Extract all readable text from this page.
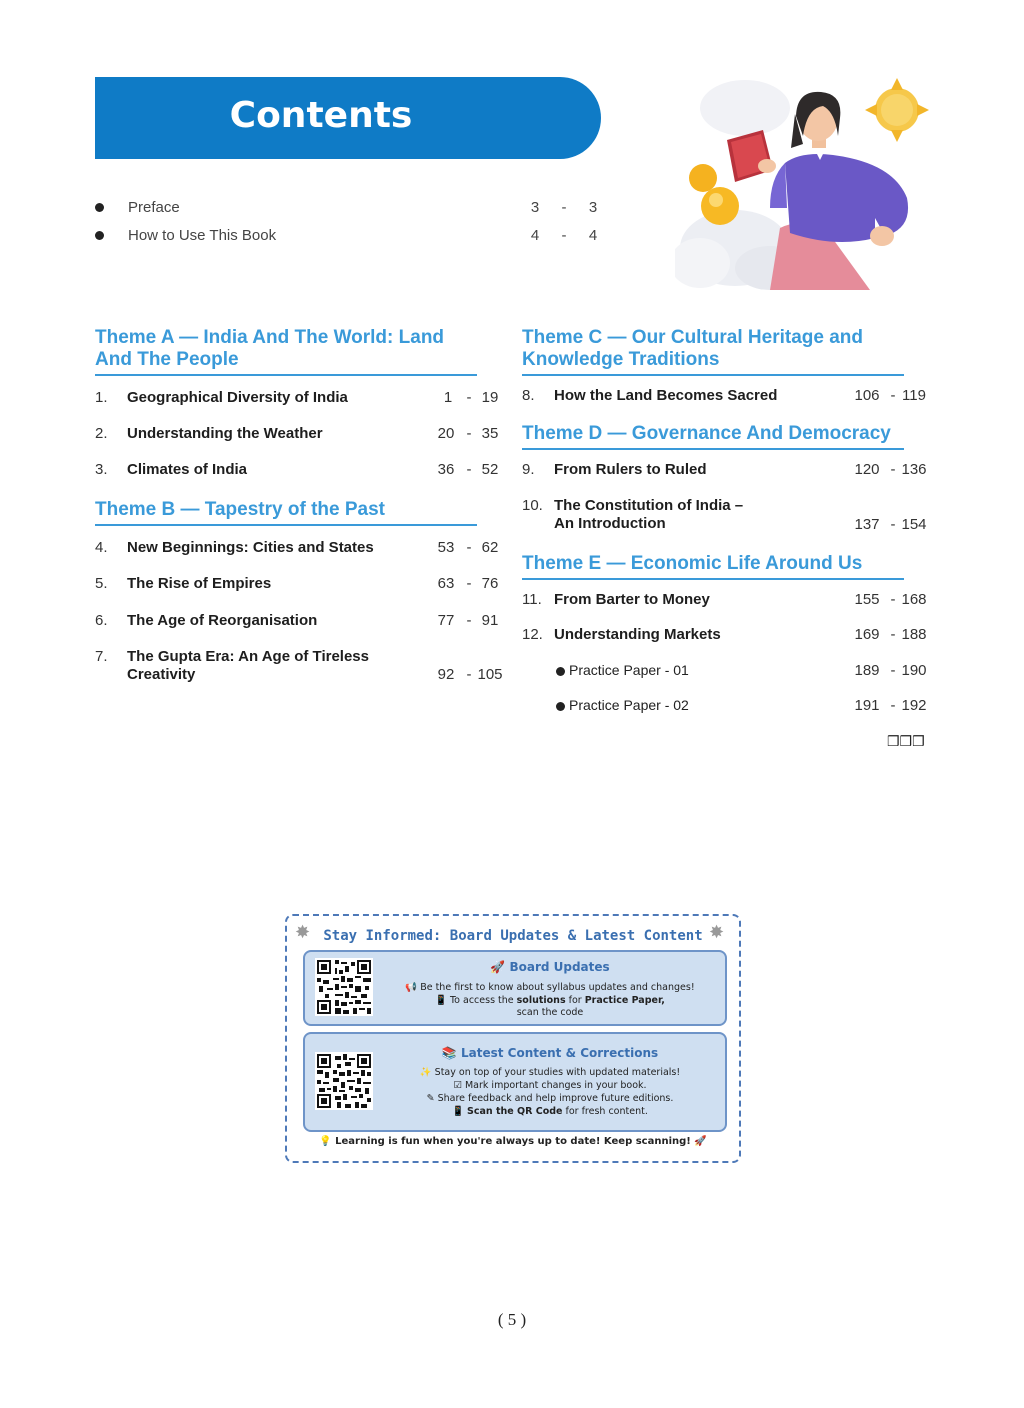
Contents
Preface	3	-	3
How to Use This Book	4	-	4
Theme A — India And The World: Land And The People
1. Geographical Diversity of India	1 - 19
2. Understanding the Weather	20 - 35
3. Climates of India	36 - 52
Theme B — Tapestry of the Past
4. New Beginnings: Cities and States	53 - 62
5. The Rise of Empires	63 - 76
6. The Age of Reorganisation	77 - 91
7. The Gupta Era: An Age of Tireless
Creativity	92 - 105
Theme C — Our Cultural Heritage and Knowledge Traditions
8. How the Land Becomes Sacred	106 - 119
Theme D — Governance And Democracy
9. From Rulers to Ruled	120 - 136
10. The Constitution of India –
An Introduction	137 - 154
Theme E — Economic Life Around Us
11. From Barter to Money	155 - 168
12. Understanding Markets	169 - 188
Practice Paper - 01	189 - 190
Practice Paper - 02	191 - 192
❒❒❒
✸	✸
Stay Informed: Board Updates & Latest Content
🚀 Board Updates
📢 Be the first to know about syllabus updates and changes!
📱 To access the solutions for Practice Paper,
scan the code
📚 Latest Content & Corrections
✨ Stay on top of your studies with updated materials!
☑ Mark important changes in your book.
✎ Share feedback and help improve future editions.
📱 Scan the QR Code for fresh content.
💡 Learning is fun when you're always up to date! Keep scanning! 🚀
( 5 )
